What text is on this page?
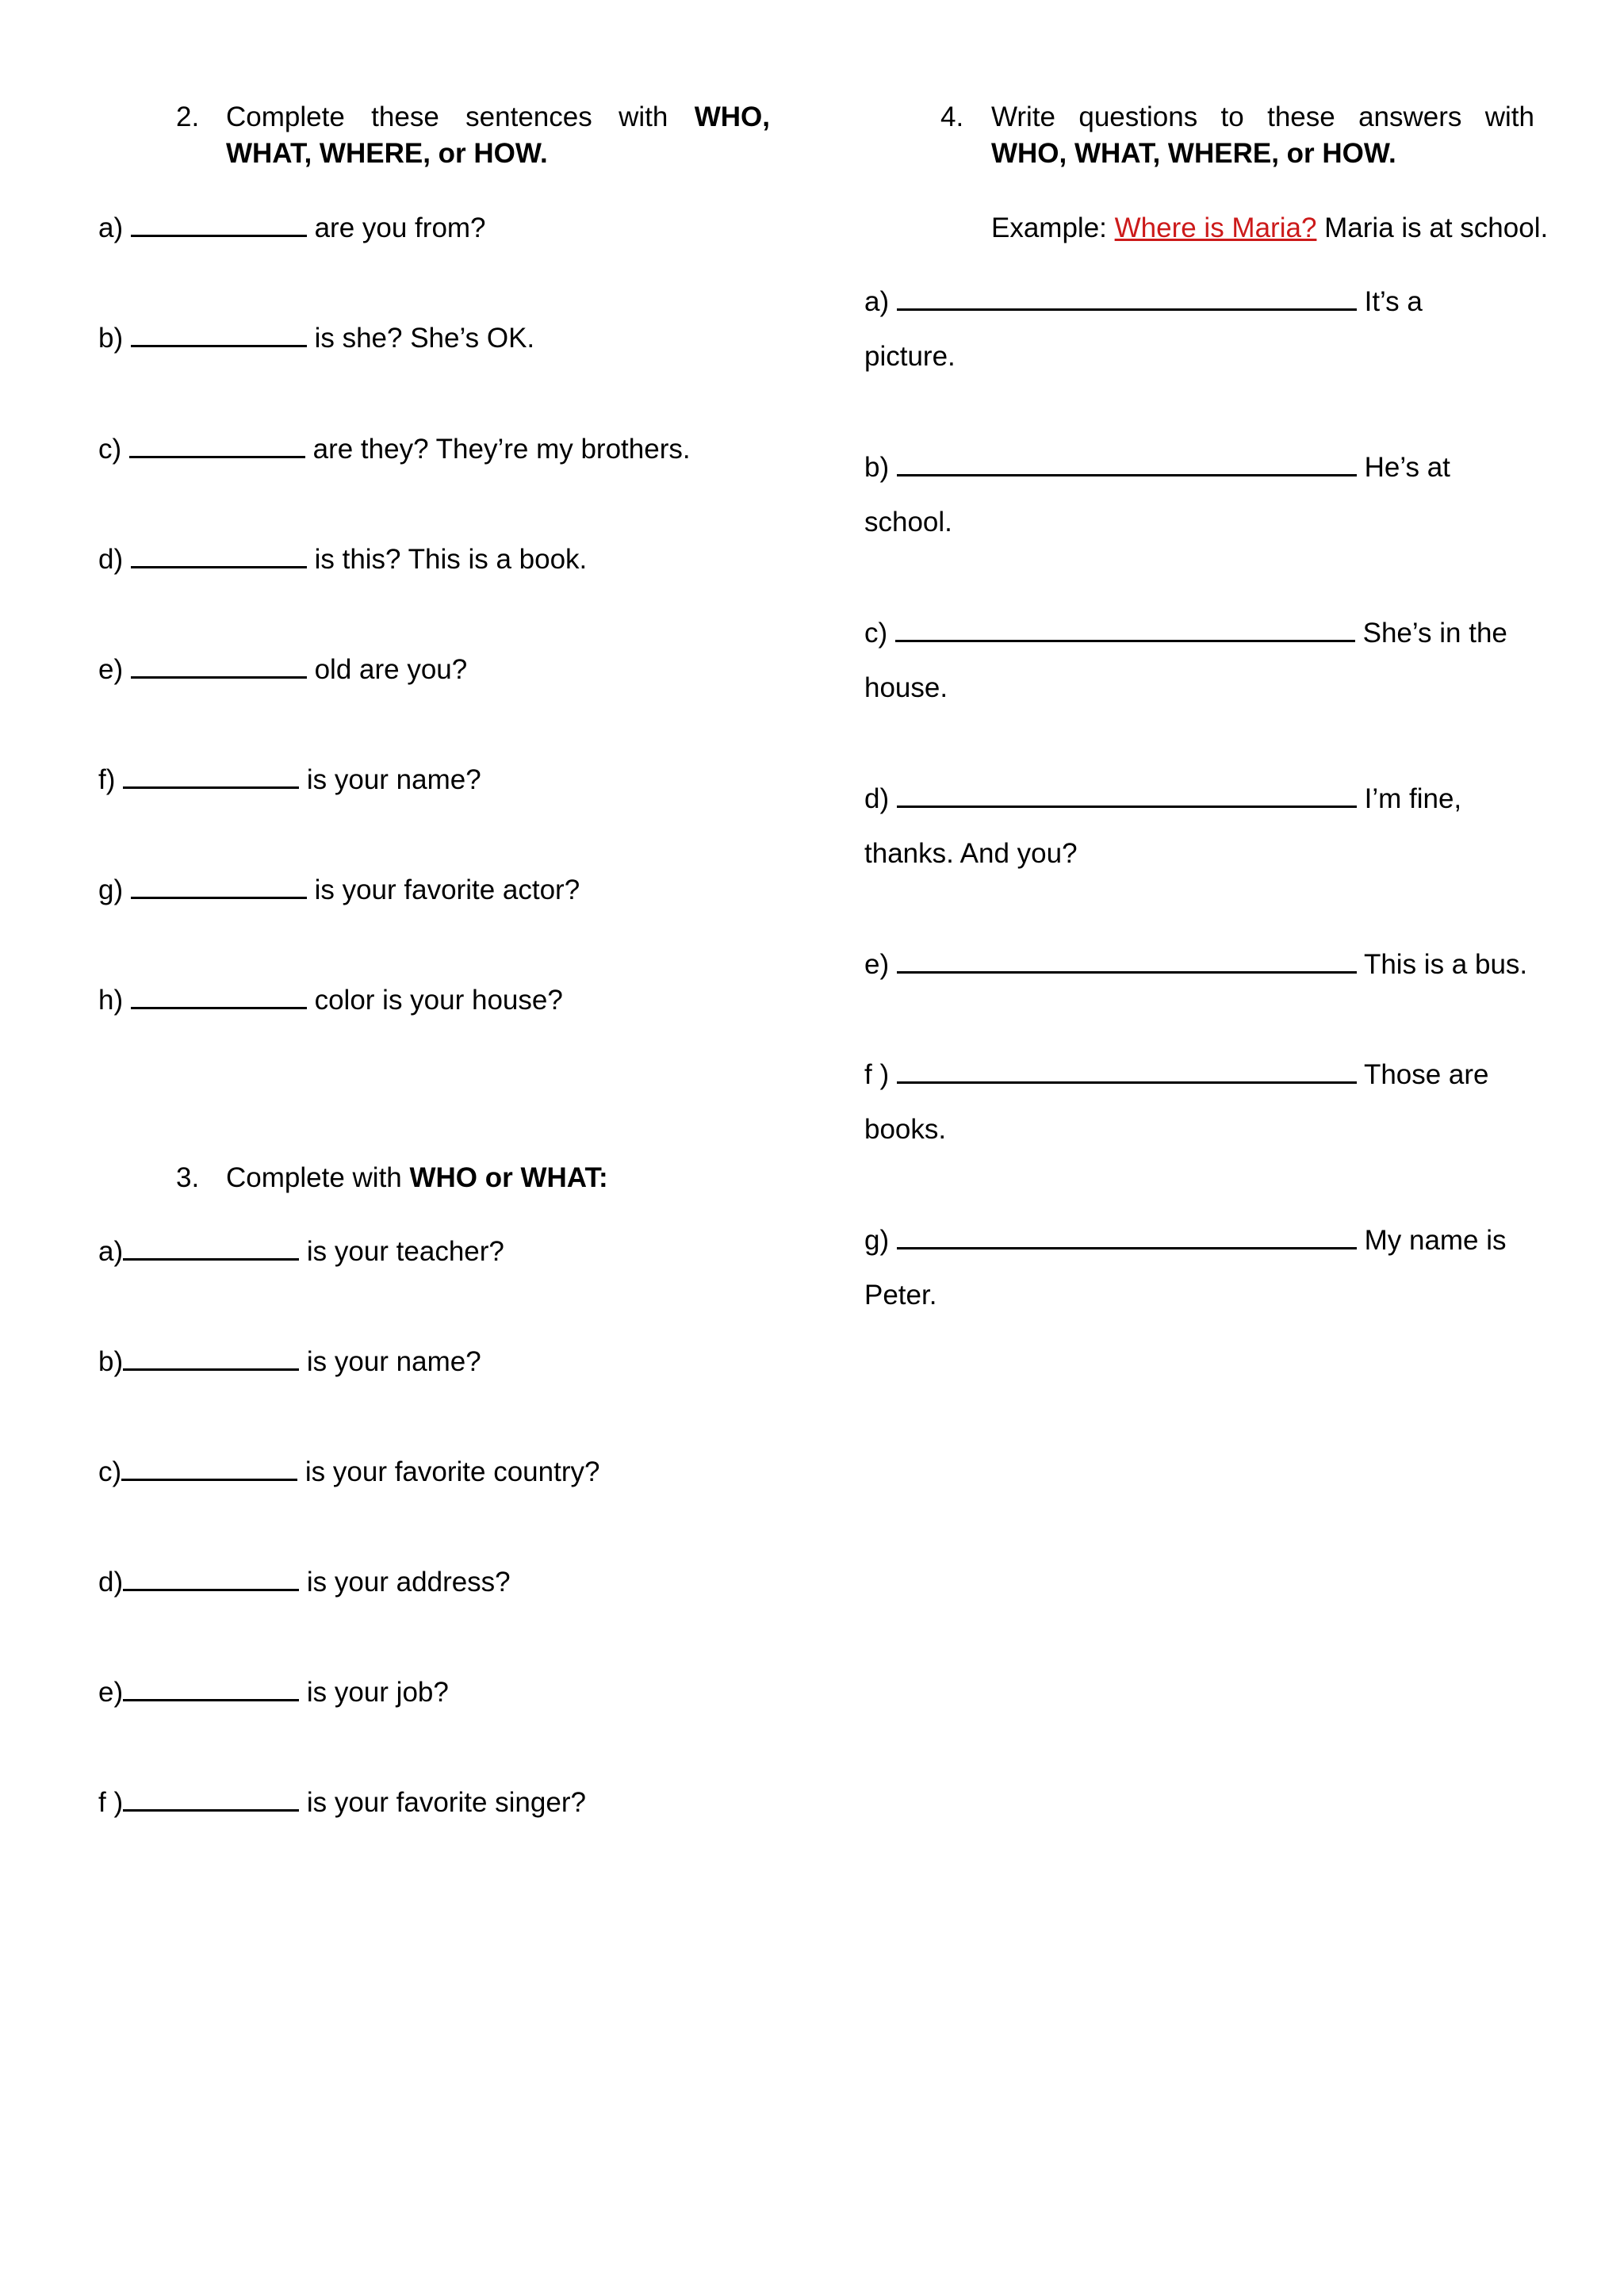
2. Complete these sentences with WHO,
WHAT, WHERE, or HOW.
a)	are you from?
b)	is she? She’s OK.
c)	are they? They’re my brothers.
d)	is this? This is a book.
e)	old are you?
f)	is your name?
g)	is your favorite actor?
h)	color is your house?
3. Complete with WHO or WHAT:
a)	is your teacher?
b)	is your name?
c)	is your favorite country?
d)	is your address?
e)	is your job?
f )	is your favorite singer?
4. Write questions to these answers with
WHO, WHAT, WHERE, or HOW.
Example: Where is Maria? Maria is at school.
a)	It’s a
picture.
b)	He’s at
school.
c)	She’s in the
house.
d)	I’m fine,
thanks. And you?
e)	This is a bus.
f )	Those are
books.
g)	My name is
Peter.
